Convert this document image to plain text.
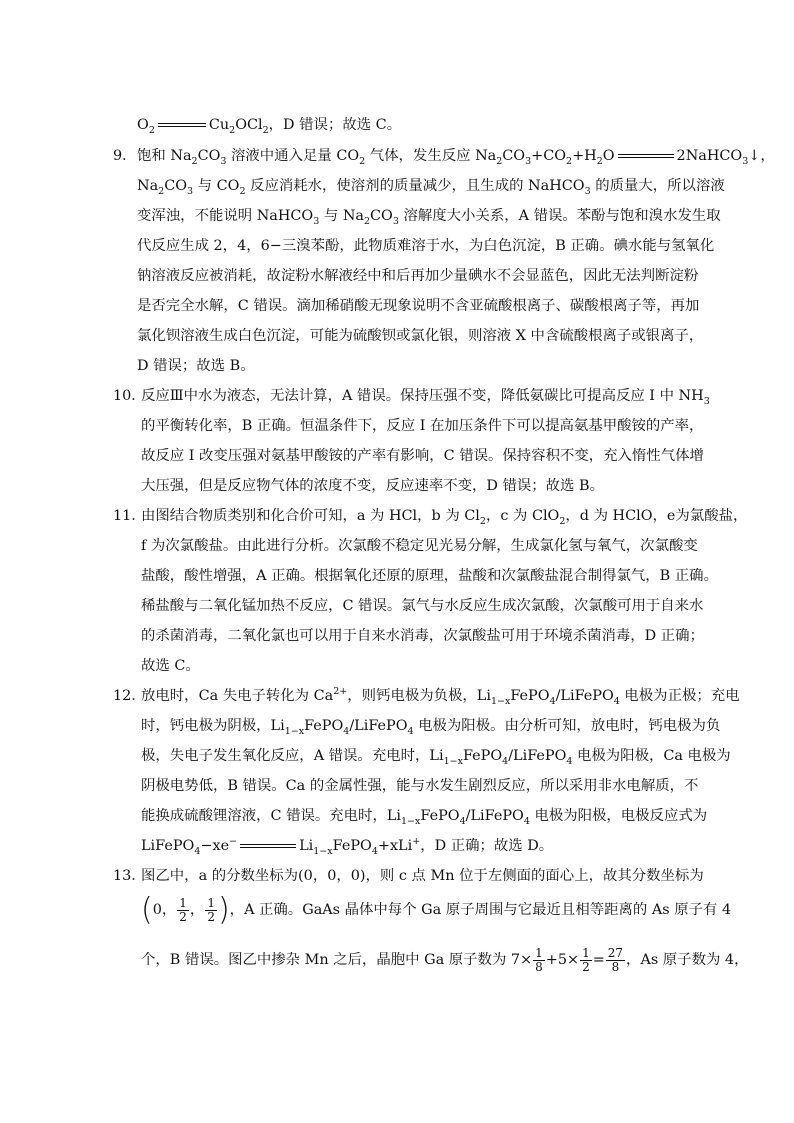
$O_2$	$Cu_2OCl_2$，D 错误；故选 C。
9． 饱和 $Na_2CO_3$ 溶液中通入足量 $CO_2$ 气体，发生反应 $Na_2CO_3+CO_2+H_2O$	2NaHCO$_3$↓，
$Na_2CO_3$ 与 $CO_2$ 反应消耗水，使溶剂的质量减少，且生成的 NaHCO$_3$ 的质量大，所以溶液
变浑浊，不能说明 NaHCO$_3$ 与 $Na_2CO_3$ 溶解度大小关系，A 错误。苯酚与饱和溴水发生取
代反应生成 2，4，6−三溴苯酚，此物质难溶于水，为白色沉淀，B 正确。碘水能与氢氧化
钠溶液反应被消耗，故淀粉水解液经中和后再加少量碘水不会显蓝色，因此无法判断淀粉
是否完全水解，C 错误。滴加稀硝酸无现象说明不含亚硫酸根离子、碳酸根离子等，再加
氯化钡溶液生成白色沉淀，可能为硫酸钡或氯化银，则溶液 X 中含硫酸根离子或银离子，
D 错误；故选 B。
10．
反应Ⅲ中水为液态，无法计算，A 错误。保持压强不变，降低氨碳比可提高反应 I 中 $NH_3$
的平衡转化率，B 正确。恒温条件下，反应 I 在加压条件下可以提高氨基甲酸铵的产率，
故反应 I 改变压强对氨基甲酸铵的产率有影响，C 错误。保持容积不变，充入惰性气体增
大压强，但是反应物气体的浓度不变，反应速率不变，D 错误；故选 B。
11．
由图结合物质类别和化合价可知，a 为 HCl，b 为 $Cl_2$，c 为 ClO$_2$，d 为 HClO，e为氯酸盐，
f 为次氯酸盐。由此进行分析。次氯酸不稳定见光易分解，生成氯化氢与氧气，次氯酸变
盐酸，酸性增强，A 正确。根据氧化还原的原理，盐酸和次氯酸盐混合制得氯气，B 正确。
稀盐酸与二氧化锰加热不反应，C 错误。氯气与水反应生成次氯酸，次氯酸可用于自来水
的杀菌消毒，二氧化氯也可以用于自来水消毒，次氯酸盐可用于环境杀菌消毒，D 正确；
故选 C。
12．
放电时，Ca 失电子转化为 $Ca^{2+}$，则钙电极为负极，$Li_{1-x}FePO_4/LiFePO_4$ 电极为正极；充电
时，钙电极为阴极，$Li_{1-x}FePO_4/LiFePO_4$ 电极为阳极。由分析可知，放电时，钙电极为负
极，失电子发生氧化反应，A 错误。充电时，$Li_{1-x}FePO_4/LiFePO_4$ 电极为阳极，Ca 电极为
阴极电势低，B 错误。Ca 的金属性强，能与水发生剧烈反应，所以采用非水电解质，不
能换成硫酸锂溶液，C 错误。充电时，$Li_{1-x}FePO_4/LiFePO_4$ 电极为阳极，电极反应式为
LiFePO$_4$−xe−	$Li_{1-x}FePO_4+xLi^+$，D 正确；故选 D。
13．
图乙中，a 的分数坐标为(0，0，0)，则 c 点 Mn 位于左侧面的面心上，故其分数坐标为
(0， $\frac{1}{2}$ ， $\frac{1}{2}$ )，A 正确。GaAs 晶体中每个 Ga 原子周围与它最近且相等距离的 As 原子有 4
个，B 错误。图乙中掺杂 Mn 之后，晶胞中 Ga 原子数为 $7\times \frac{1}{8} +5\times \frac{1}{2} = \frac{27}{8}$ ，As 原子数为 4，
